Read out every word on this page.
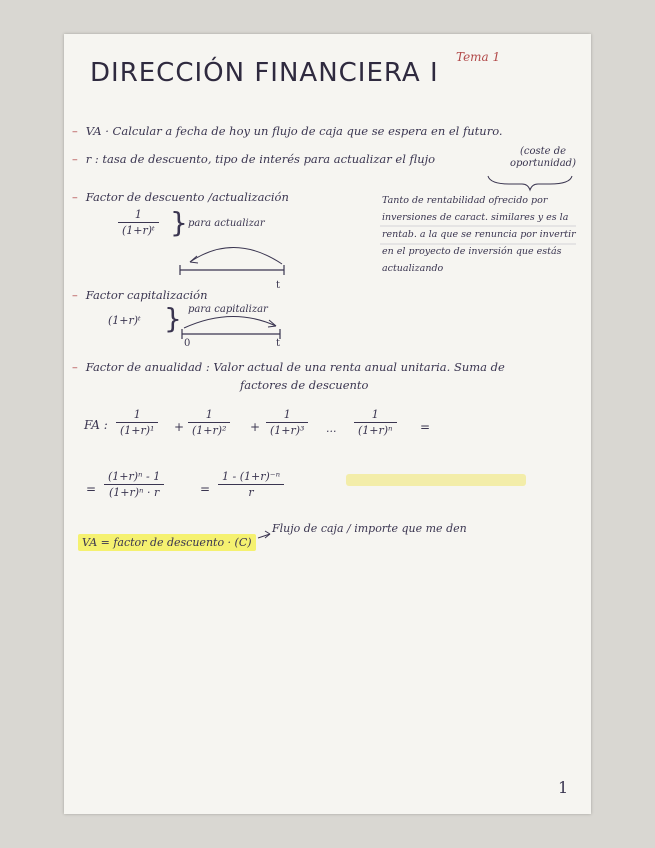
Tema 1
DIRECCIÓN FINANCIERA I
– VA · Calcular a fecha de hoy un flujo de caja que se espera en el futuro.
– r : tasa de descuento, tipo de interés para actualizar el flujo
(coste de oportunidad)
– Factor de descuento /actualización
1
(1+r)ᵗ } para actualizar
Tanto de rentabilidad ofrecido por inversiones de caract. similares y es la rentab. a la que se renuncia por invertir en el proyecto de inversión que estás actualizando
t
– Factor capitalización
(1+r)ᵗ } para capitalizar
0	t
– Factor de anualidad : Valor actual de una renta anual unitaria. Suma de
factores de descuento
FA :
1
(1+r)¹	+
1
(1+r)²	+
1
(1+r)³	...
1
(1+r)ⁿ	=
=
(1+r)ⁿ - 1
(1+r)ⁿ · r	=
1 - (1+r)⁻ⁿ
r
VA = factor de descuento · (C)
Flujo de caja / importe que me den
1
